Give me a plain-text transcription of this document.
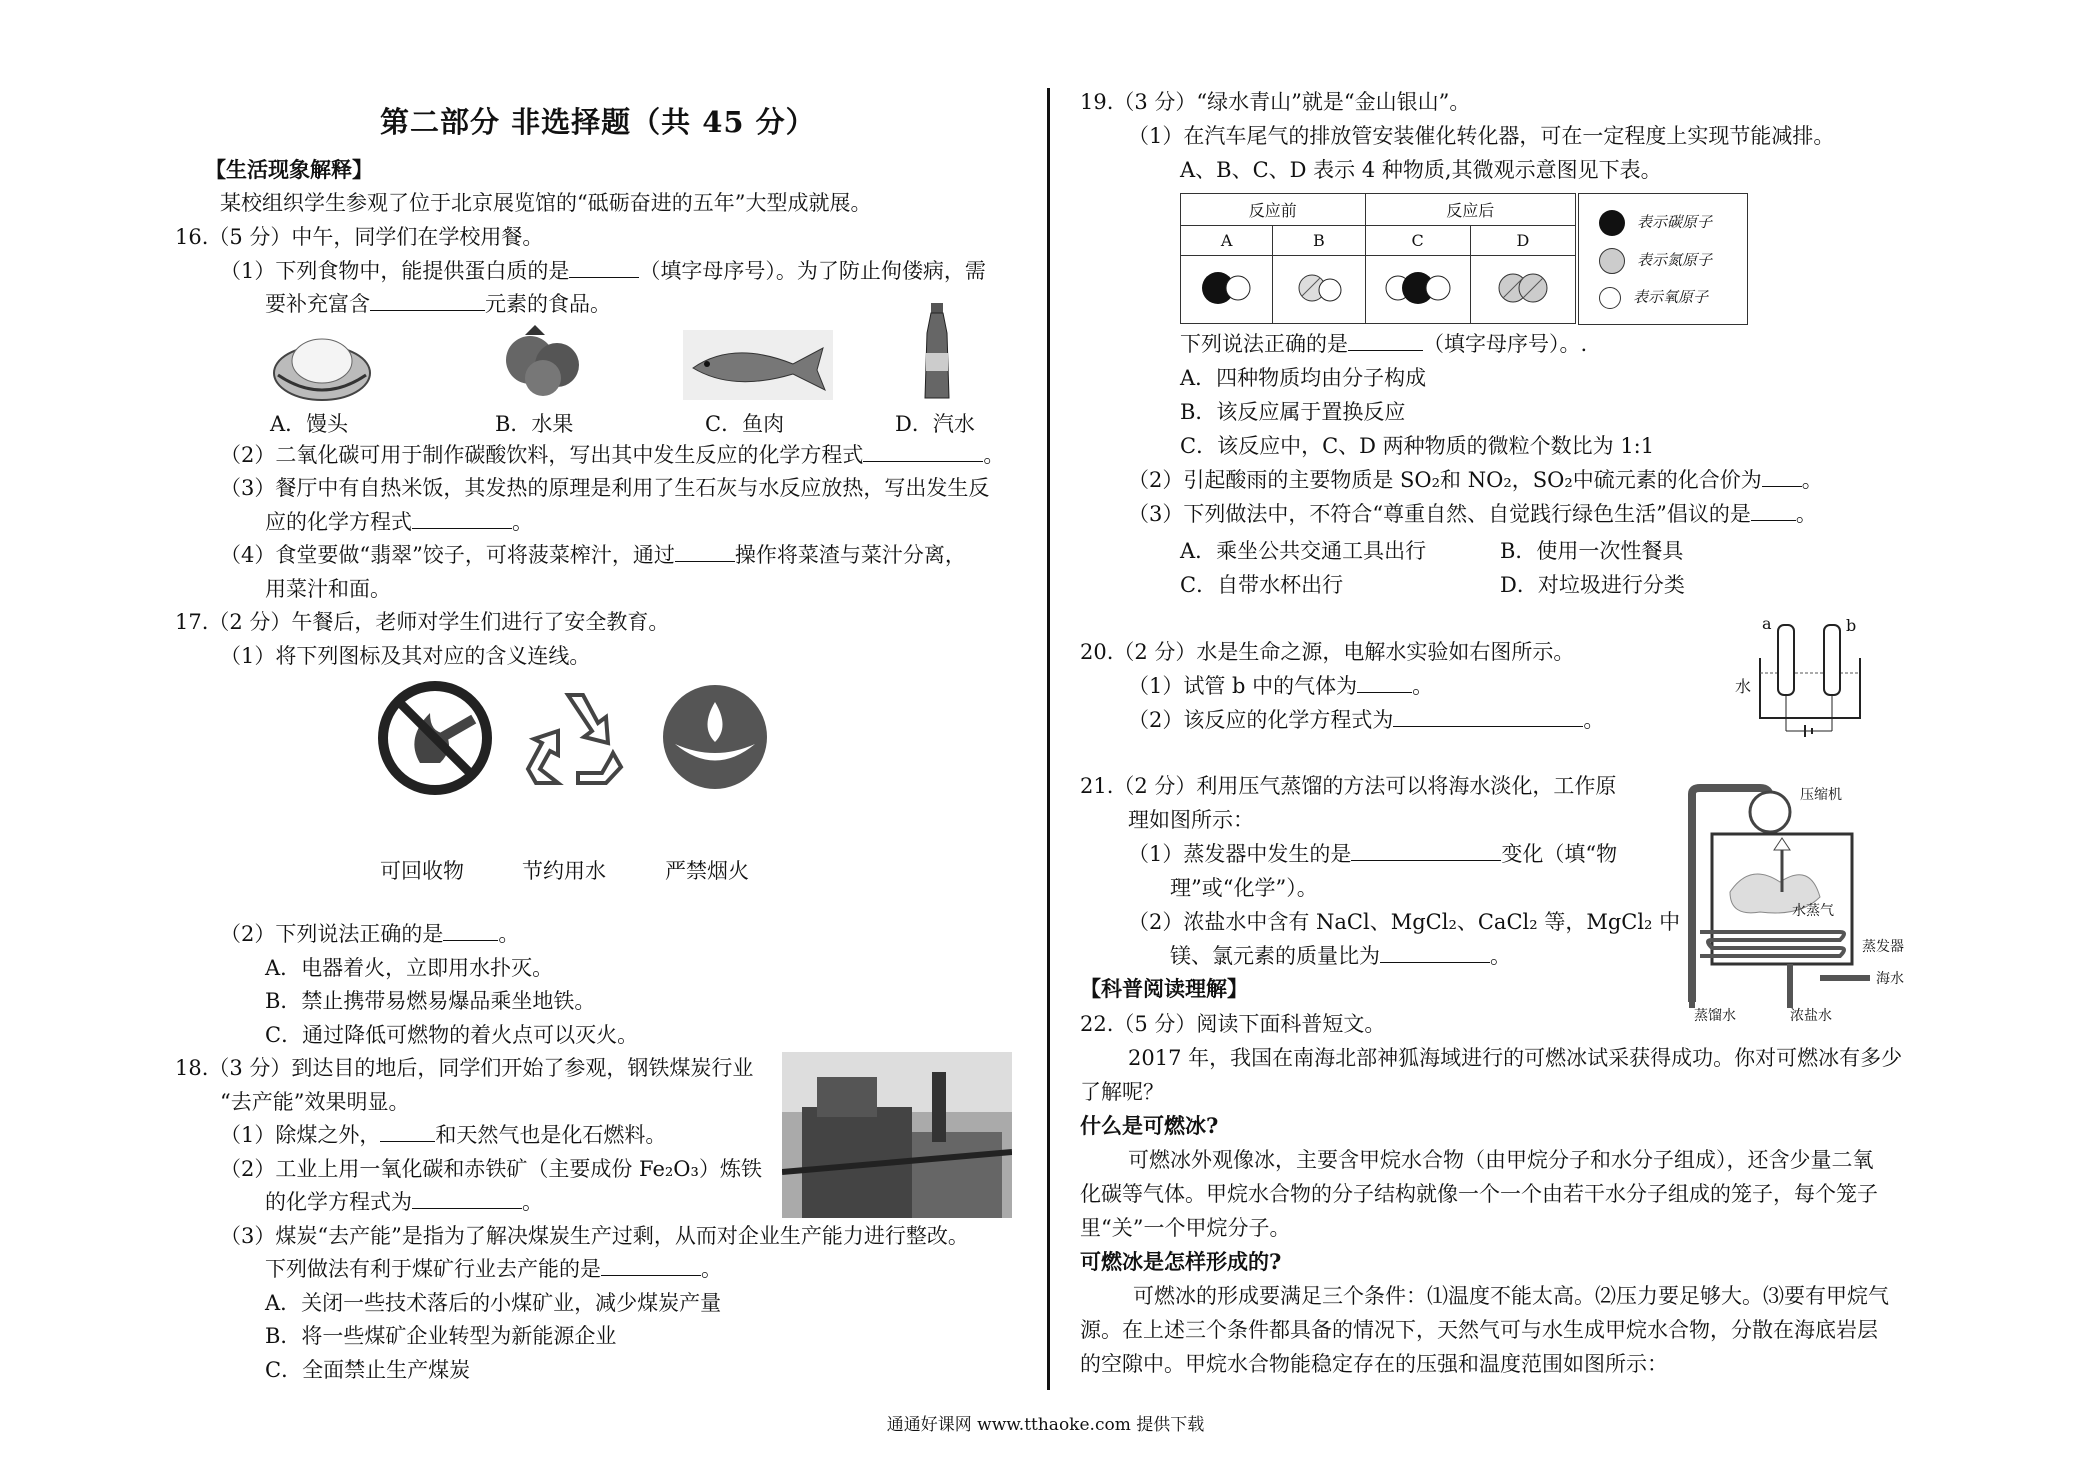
第二部分 非选择题（共 45 分）
【生活现象解释】
某校组织学生参观了位于北京展览馆的“砥砺奋进的五年”大型成就展。
16.（5 分）中午，同学们在学校用餐。
（1）下列食物中，能提供蛋白质的是	（填字母序号）。为了防止佝偻病，需
要补充富含	元素的食品。
A．馒头	B．水果	C．鱼肉	D．汽水
（2）二氧化碳可用于制作碳酸饮料，写出其中发生反应的化学方程式	。
（3）餐厅中有自热米饭，其发热的原理是利用了生石灰与水反应放热，写出发生反
应的化学方程式	。
（4）食堂要做“翡翠”饺子，可将菠菜榨汁，通过	操作将菜渣与菜汁分离，
用菜汁和面。
17.（2 分）午餐后，老师对学生们进行了安全教育。
（1）将下列图标及其对应的含义连线。
可回收物	节约用水	严禁烟火
（2）下列说法正确的是	。
A．电器着火，立即用水扑灭。
B．禁止携带易燃易爆品乘坐地铁。
C．通过降低可燃物的着火点可以灭火。
18.（3 分）到达目的地后，同学们开始了参观，钢铁煤炭行业
“去产能”效果明显。
（1）除煤之外，	和天然气也是化石燃料。
（2）工业上用一氧化碳和赤铁矿（主要成份 Fe₂O₃）炼铁
的化学方程式为	。
（3）煤炭“去产能”是指为了解决煤炭生产过剩，从而对企业生产能力进行整改。
下列做法有利于煤矿行业去产能的是	。
A．关闭一些技术落后的小煤矿业，减少煤炭产量
B．将一些煤矿企业转型为新能源企业
C．全面禁止生产煤炭
19.（3 分）“绿水青山”就是“金山银山”。
（1）在汽车尾气的排放管安装催化转化器，可在一定程度上实现节能减排。
A、B、C、D 表示 4 种物质,其微观示意图见下表。
反应前		反应后	
A	B	C	D

表示碳原子
表示氮原子
表示氧原子
下列说法正确的是	（填字母序号）。.
A．四种物质均由分子构成
B．该反应属于置换反应
C．该反应中，C、D 两种物质的微粒个数比为 1:1
（2）引起酸雨的主要物质是 SO₂和 NO₂，SO₂中硫元素的化合价为 。
（3）下列做法中，不符合“尊重自然、自觉践行绿色生活”倡议的是 。
A．乘坐公共交通工具出行	B．使用一次性餐具
C．自带水杯出行	D．对垃圾进行分类
20.（2 分）水是生命之源，电解水实验如右图所示。
（1）试管 b 中的气体为	。
（2）该反应的化学方程式为	。
a	b
水
21.（2 分）利用压气蒸馏的方法可以将海水淡化，工作原
理如图所示：
（1）蒸发器中发生的是	变化（填“物
理”或“化学”）。
（2）浓盐水中含有 NaCl、MgCl₂、CaCl₂ 等，MgCl₂ 中
镁、氯元素的质量比为	。
压缩机
水蒸气
蒸发器
海水
蒸馏水	浓盐水
【科普阅读理解】
22.（5 分）阅读下面科普短文。
2017 年，我国在南海北部神狐海域进行的可燃冰试采获得成功。你对可燃冰有多少
了解呢？
什么是可燃冰?
可燃冰外观像冰，主要含甲烷水合物（由甲烷分子和水分子组成），还含少量二氧
化碳等气体。甲烷水合物的分子结构就像一个一个由若干水分子组成的笼子，每个笼子
里“关”一个甲烷分子。
可燃冰是怎样形成的?
可燃冰的形成要满足三个条件：⑴温度不能太高。⑵压力要足够大。⑶要有甲烷气
源。在上述三个条件都具备的情况下，天然气可与水生成甲烷水合物，分散在海底岩层
的空隙中。甲烷水合物能稳定存在的压强和温度范围如图所示：
通通好课网 www.tthaoke.com 提供下载
